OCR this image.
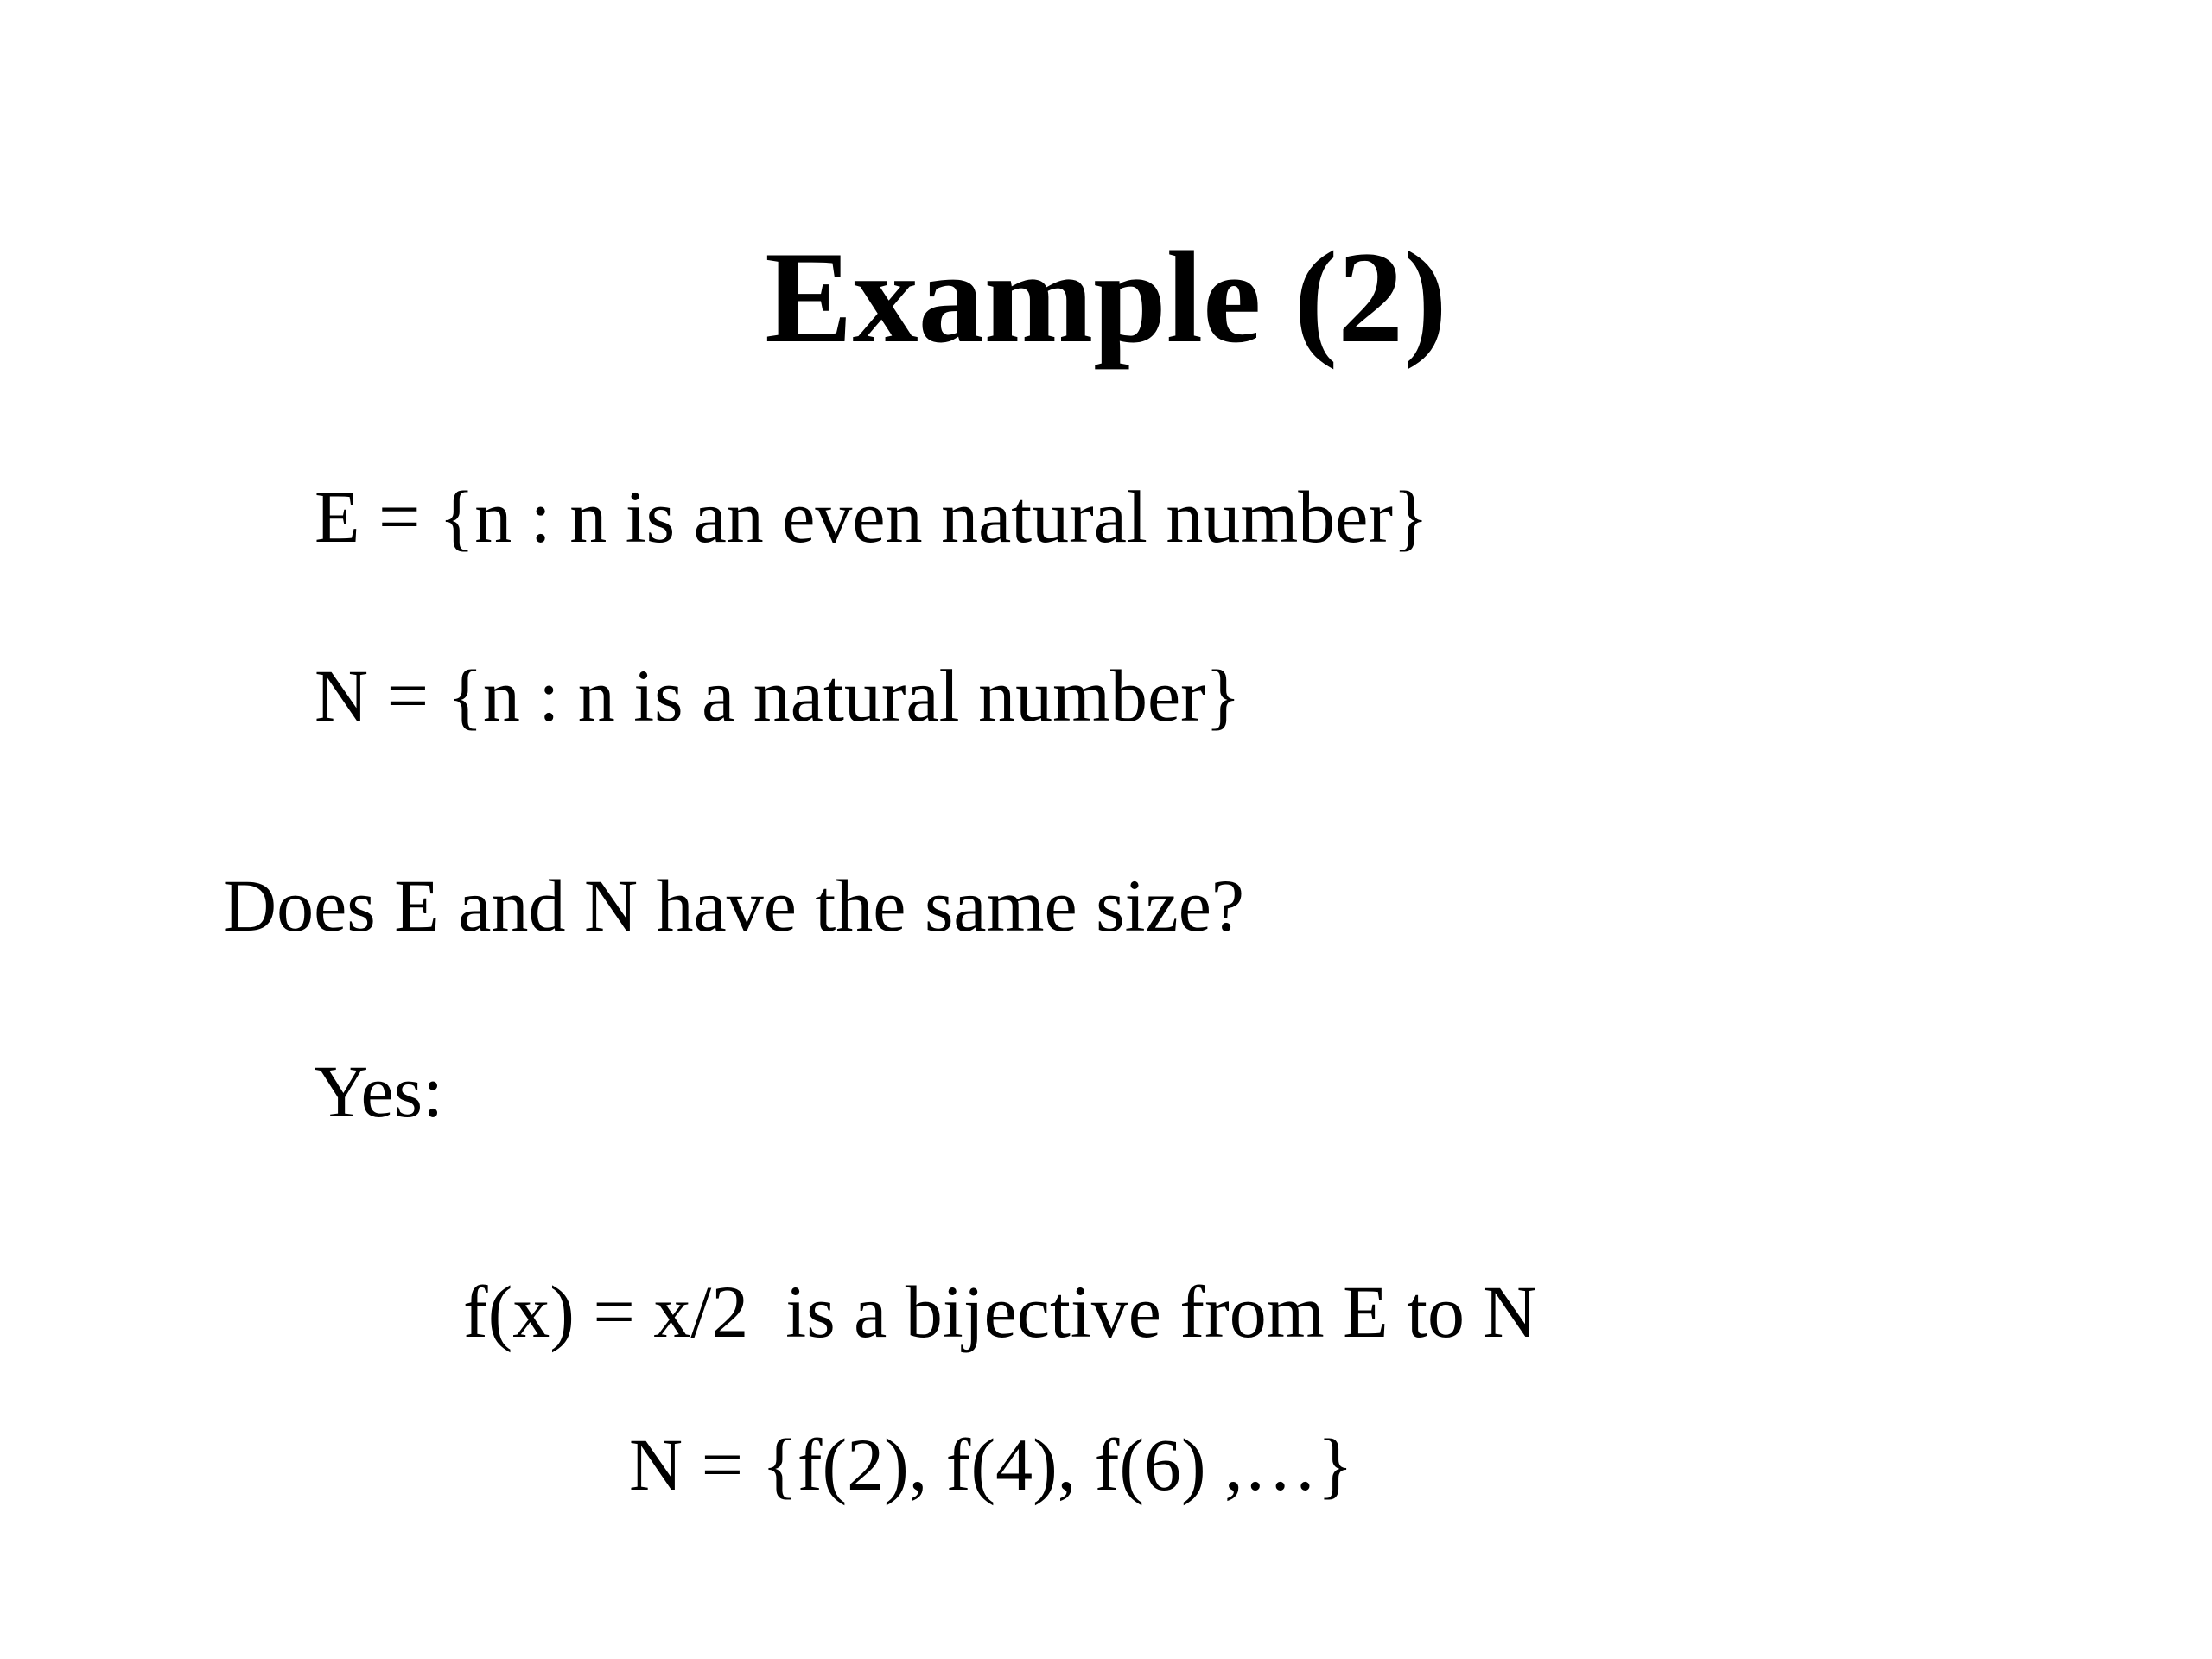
Example (2)

E = {n : n is an even natural number}

N = {n : n is a natural number}

Does E and N have the same size?

Yes:

f(x) = x/2  is a bijective from E to N

N = {f(2), f(4), f(6) ,…}
